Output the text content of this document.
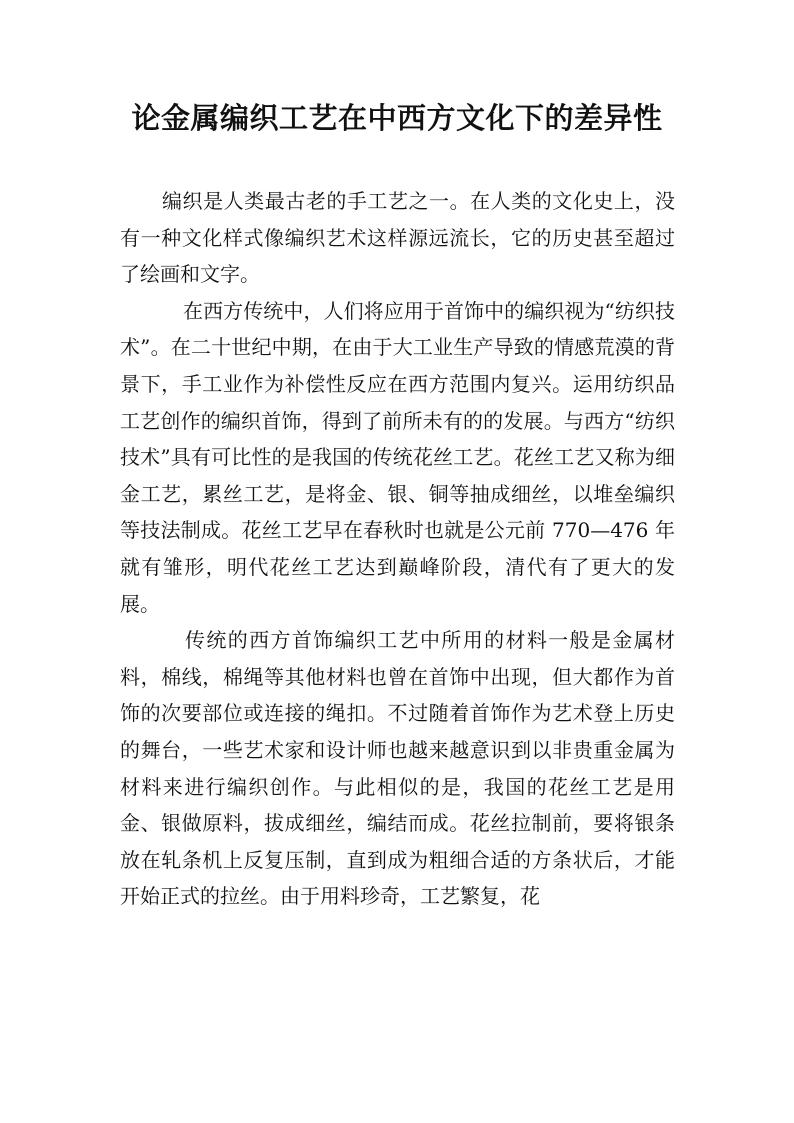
论金属编织工艺在中西方文化下的差异性

编织是人类最古老的手工艺之一。在人类的文化史上，没有一种文化样式像编织艺术这样源远流长，它的历史甚至超过了绘画和文字。

在西方传统中，人们将应用于首饰中的编织视为“纺织技术”。在二十世纪中期，在由于大工业生产导致的情感荒漠的背景下，手工业作为补偿性反应在西方范围内复兴。运用纺织品工艺创作的编织首饰，得到了前所未有的的发展。与西方“纺织技术”具有可比性的是我国的传统花丝工艺。花丝工艺又称为细金工艺，累丝工艺，是将金、银、铜等抽成细丝，以堆垒编织等技法制成。花丝工艺早在春秋时也就是公元前 770—476 年就有雏形，明代花丝工艺达到巅峰阶段，清代有了更大的发展。

传统的西方首饰编织工艺中所用的材料一般是金属材料，棉线，棉绳等其他材料也曾在首饰中出现，但大都作为首饰的次要部位或连接的绳扣。不过随着首饰作为艺术登上历史的舞台，一些艺术家和设计师也越来越意识到以非贵重金属为材料来进行编织创作。与此相似的是，我国的花丝工艺是用金、银做原料，拔成细丝，编结而成。花丝拉制前，要将银条放在轧条机上反复压制，直到成为粗细合适的方条状后，才能开始正式的拉丝。由于用料珍奇，工艺繁复，花
